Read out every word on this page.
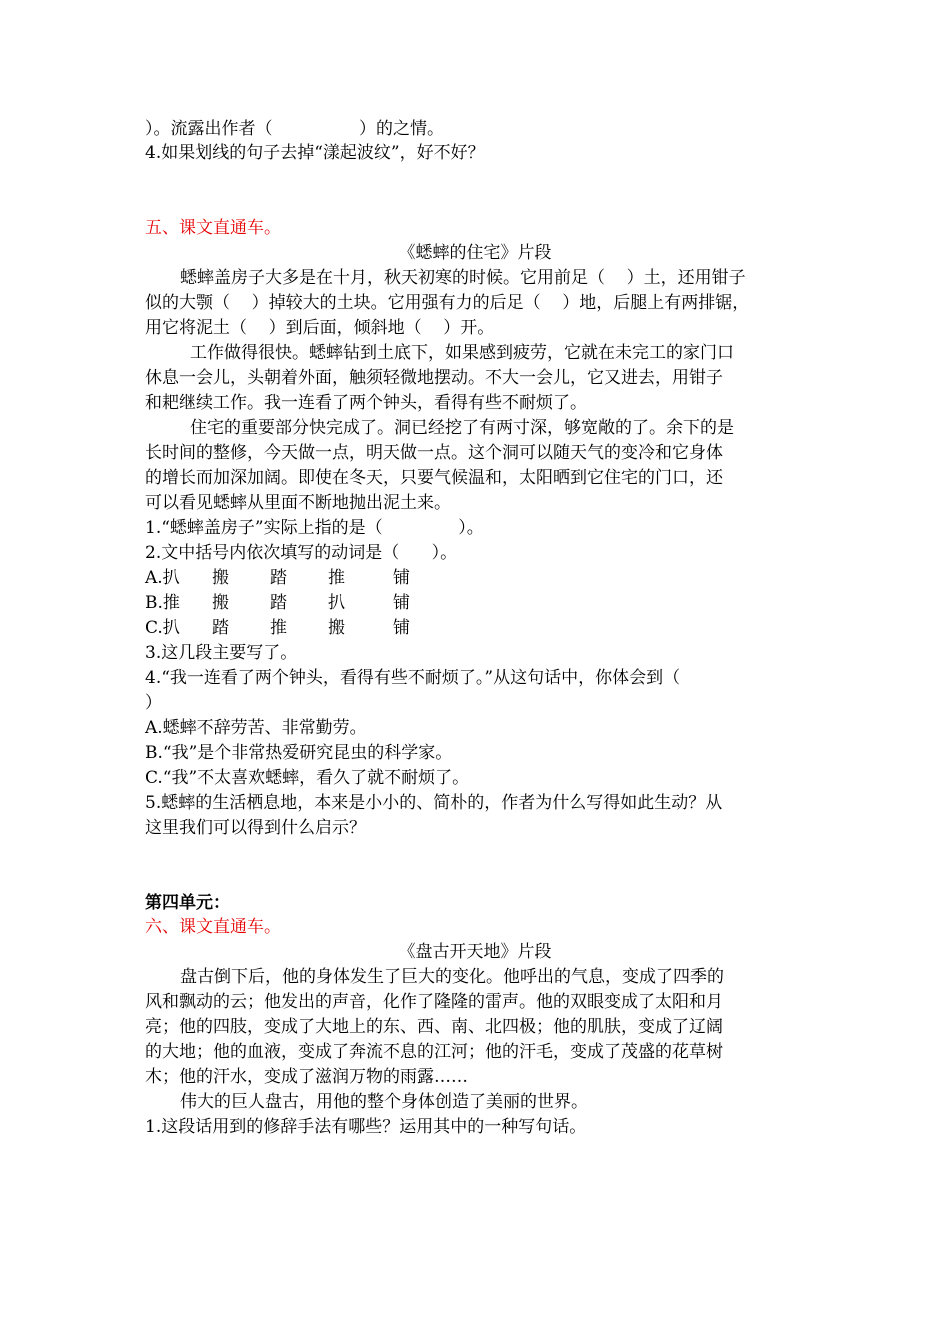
）。流露出作者（                ）的之情。
4.如果划线的句子去掉“漾起波纹”，好不好？
五、课文直通车。
《蟋蟀的住宅》片段
蟋蟀盖房子大多是在十月，秋天初寒的时候。它用前足（    ）土，还用钳子
似的大颚（    ）掉较大的土块。它用强有力的后足（    ）地，后腿上有两排锯，
用它将泥土（    ）到后面，倾斜地（    ）开。
工作做得很快。蟋蟀钻到土底下，如果感到疲劳，它就在未完工的家门口
休息一会儿，头朝着外面，触须轻微地摆动。不大一会儿，它又进去，用钳子
和耙继续工作。我一连看了两个钟头，看得有些不耐烦了。
住宅的重要部分快完成了。洞已经挖了有两寸深，够宽敞的了。余下的是
长时间的整修，今天做一点，明天做一点。这个洞可以随天气的变冷和它身体
的增长而加深加阔。即使在冬天，只要气候温和，太阳晒到它住宅的门口，还
可以看见蟋蟀从里面不断地抛出泥土来。
1.“蟋蟀盖房子”实际上指的是（              ）。
2.文中括号内依次填写的动词是（      ）。
A.扒 搬 踏 推	铺
B.推 搬 踏 扒	铺
C.扒 踏 推 搬	铺
3.这几段主要写了。
4.“我一连看了两个钟头，看得有些不耐烦了。”从这句话中，你体会到（
）
A.蟋蟀不辞劳苦、非常勤劳。
B.“我”是个非常热爱研究昆虫的科学家。
C.“我”不太喜欢蟋蟀，看久了就不耐烦了。
5.蟋蟀的生活栖息地，本来是小小的、简朴的，作者为什么写得如此生动？从
这里我们可以得到什么启示？
第四单元：
六、课文直通车。
《盘古开天地》片段
盘古倒下后，他的身体发生了巨大的变化。他呼出的气息，变成了四季的
风和飘动的云；他发出的声音，化作了隆隆的雷声。他的双眼变成了太阳和月
亮；他的四肢，变成了大地上的东、西、南、北四极；他的肌肤，变成了辽阔
的大地；他的血液，变成了奔流不息的江河；他的汗毛，变成了茂盛的花草树
木；他的汗水，变成了滋润万物的雨露……
伟大的巨人盘古，用他的整个身体创造了美丽的世界。
1.这段话用到的修辞手法有哪些？运用其中的一种写句话。
